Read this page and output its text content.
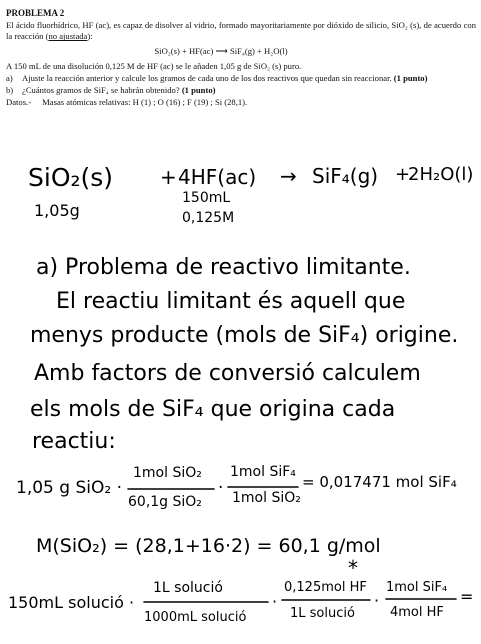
PROBLEMA 2

El ácido fluorhídrico, HF (ac), es capaz de disolver al vidrio, formado mayoritariamente por dióxido de silicio, SiO₂ (s), de acuerdo con la reacción (no ajustada):

SiO₂(s) + HF(ac) ⟶ SiF₄(g) + H₂O(l)

A 150 mL de una disolución 0,125 M de HF (ac) se le añaden 1,05 g de SiO₂ (s) puro.

a)	Ajuste la reacción anterior y calcule los gramos de cada uno de los dos reactivos que quedan sin reaccionar. (1 punto)
b)	¿Cuántos gramos de SiF₄ se habrán obtenido? (1 punto)
Datos.- Masas atómicas relativas: H (1) ; O (16) ; F (19) ; Si (28,1).
SiO₂(s) + 4HF(ac) → SiF₄(g) +
2H₂O(l)
1,05g
150mL
0,125M
a) Problema de reactivo limitante.
El reactiu limitant és aquell que
menys producte (mols de SiF₄) origine.
Amb factors de conversió calculem
els mols de SiF₄ que origina cada
reactiu:
1,05 g SiO₂ ·
1mol SiO₂
60,1g SiO₂
·
1mol SiF₄
1mol SiO₂
= 0,017471 mol SiF₄
M(SiO₂) = (28,1+16·2) = 60,1 g/mol
150mL solució ·
1L solució
1000mL solució
·
*
0,125mol HF
1L solució
·
1mol SiF₄
4mol HF
=
